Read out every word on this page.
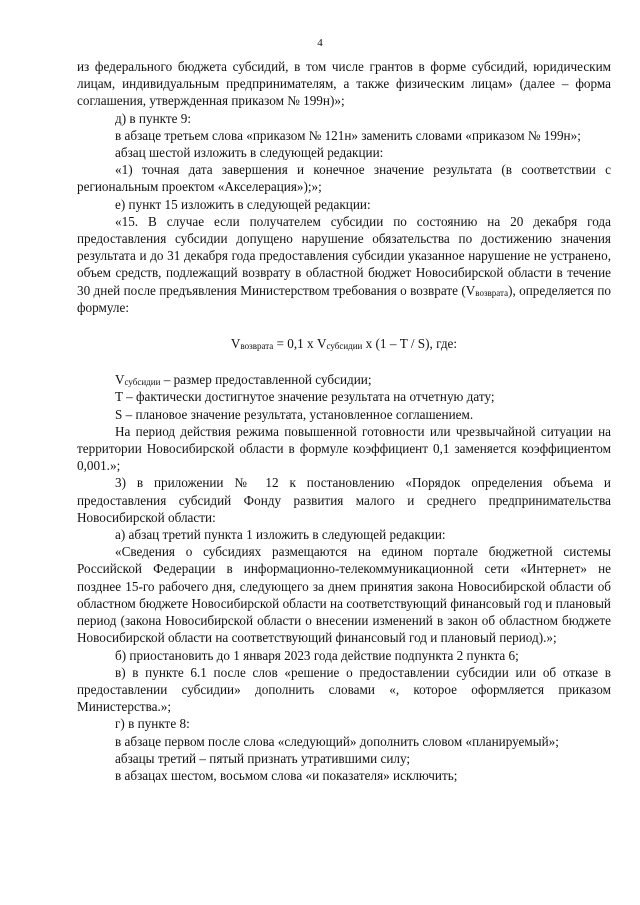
4

из федерального бюджета субсидий, в том числе грантов в форме субсидий, юридическим лицам, индивидуальным предпринимателям, а также физическим лицам» (далее – форма соглашения, утвержденная приказом № 199н)»;

д) в пункте 9:

в абзаце третьем слова «приказом № 121н» заменить словами «приказом № 199н»;

абзац шестой изложить в следующей редакции:

«1) точная дата завершения и конечное значение результата (в соответствии с региональным проектом «Акселерация»);»;

е) пункт 15 изложить в следующей редакции:

«15. В случае если получателем субсидии по состоянию на 20 декабря года предоставления субсидии допущено нарушение обязательства по достижению значения результата и до 31 декабря года предоставления субсидии указанное нарушение не устранено, объем средств, подлежащий возврату в областной бюджет Новосибирской области в течение 30 дней после предъявления Министерством требования о возврате $(V_{возврата})$, определяется по формуле:

$V_{возврата} = 0,1$ х $V_{субсидии}$ х (1 – T / S), где:

$V_{субсидии}$ – размер предоставленной субсидии;

T – фактически достигнутое значение результата на отчетную дату;

S – плановое значение результата, установленное соглашением.

На период действия режима повышенной готовности или чрезвычайной ситуации на территории Новосибирской области в формуле коэффициент 0,1 заменяется коэффициентом 0,001.»;

3) в приложении № 12 к постановлению «Порядок определения объема и предоставления субсидий Фонду развития малого и среднего предпринимательства Новосибирской области:

а) абзац третий пункта 1 изложить в следующей редакции:

«Сведения о субсидиях размещаются на едином портале бюджетной системы Российской Федерации в информационно-телекоммуникационной сети «Интернет» не позднее 15-го рабочего дня, следующего за днем принятия закона Новосибирской области об областном бюджете Новосибирской области на соответствующий финансовый год и плановый период (закона Новосибирской области о внесении изменений в закон об областном бюджете Новосибирской области на соответствующий финансовый год и плановый период).»;

б) приостановить до 1 января 2023 года действие подпункта 2 пункта 6;

в) в пункте 6.1 после слов «решение о предоставлении субсидии или об отказе в предоставлении субсидии» дополнить словами «, которое оформляется приказом Министерства.»;

г) в пункте 8:

в абзаце первом после слова «следующий» дополнить словом «планируемый»;

абзацы третий – пятый признать утратившими силу;

в абзацах шестом, восьмом слова «и показателя» исключить;
